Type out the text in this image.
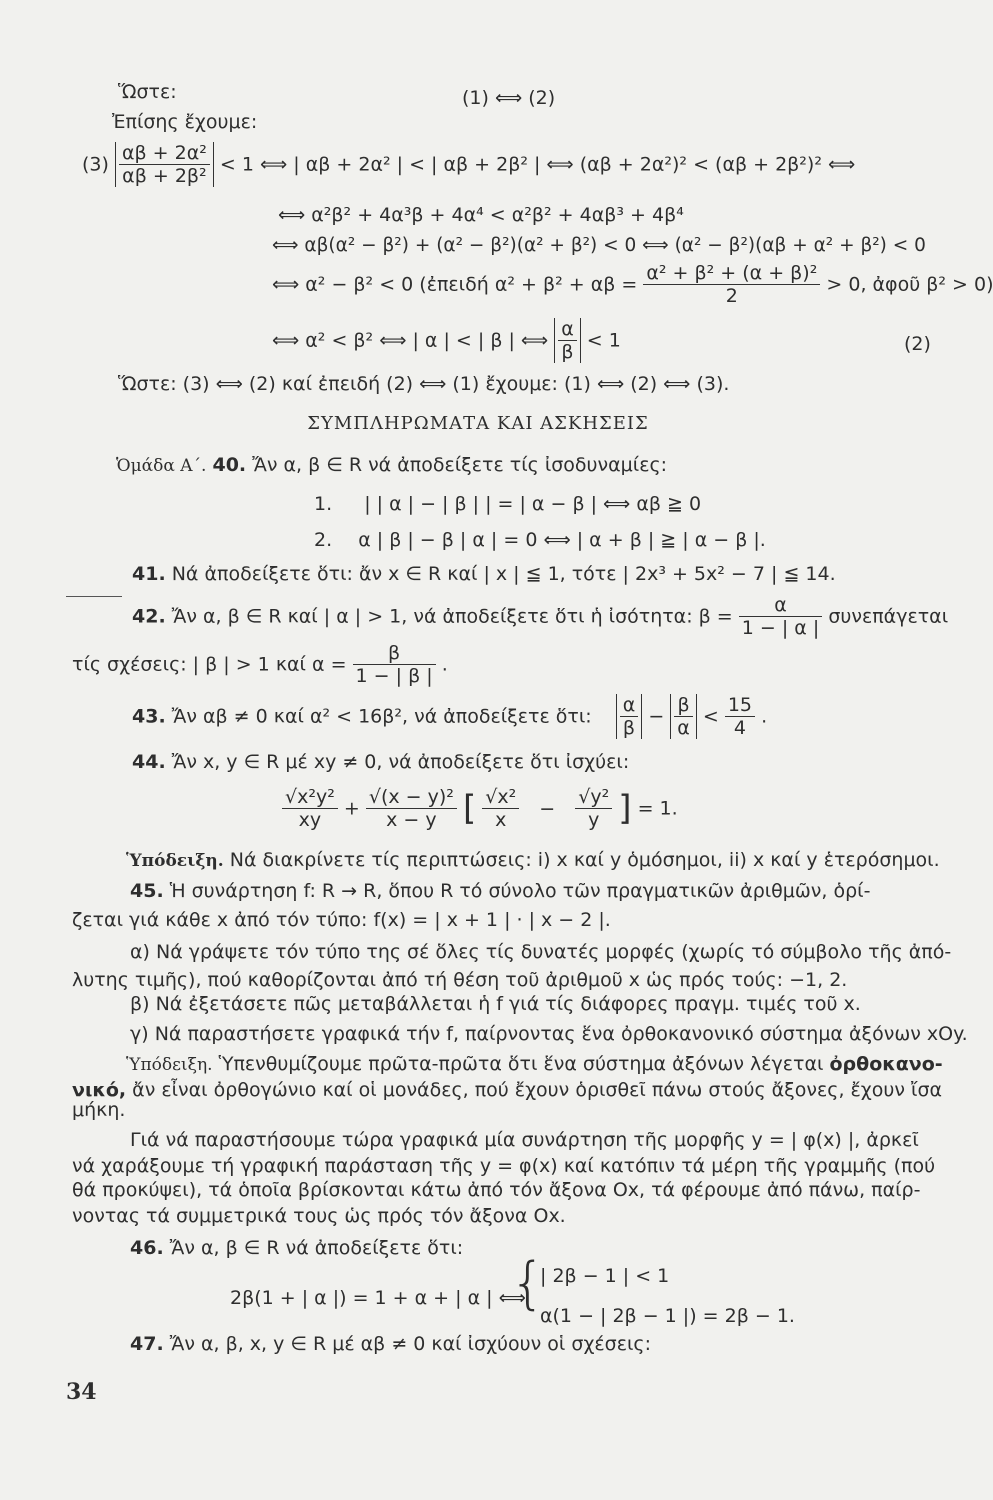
Ὥστε:	(1) ⟺ (2)
Ἐπίσης ἔχουμε:
$(3) \frac{\text{αβ + 2α²}}{\text{αβ + 2β²}} < 1$ ⟺ | αβ + 2α² | < | αβ + 2β² | ⟺ (αβ + 2α²)² < (αβ + 2β²)² ⟺
⟺ α²β² + 4α³β + 4α⁴ < α²β² + 4αβ³ + 4β⁴
⟺ αβ(α² − β²) + (α² − β²)(α² + β²) < 0 ⟺ (α² − β²)(αβ + α² + β²) < 0
⟺ α² − β² < 0 (ἐπειδή $\alpha^2 + \beta^2 + \alpha\beta = \frac{\text{α² + β² + (α + β)²}}{2} > 0$, ἀφοῦ β² > 0)
⟺ α² < β² ⟺ | α | < | β | ⟺ $\frac{\alpha}{\beta} < 1$	(2)
Ὥστε: (3) ⟺ (2) καί ἐπειδή (2) ⟺ (1) ἔχουμε: (1) ⟺ (2) ⟺ (3).
ΣΥΜΠΛΗΡΩΜΑΤΑ ΚΑΙ ΑΣΚΗΣΕΙΣ
Ὁμάδα Α΄. 40. Ἄν α, β ∈ R νά ἀποδείξετε τίς ἰσοδυναμίες:
1. | | α | − | β | | = | α − β | ⟺ αβ ≧ 0
2. α | β | − β | α | = 0 ⟺ | α + β | ≧ | α − β |.
41. Νά ἀποδείξετε ὅτι: ἄν x ∈ R καί | x | ≦ 1, τότε | 2x³ + 5x² − 7 | ≦ 14.
42. Ἄν α, β ∈ R καί | α | > 1, νά ἀποδείξετε ὅτι ἡ ἰσότητα: $\beta = \frac{\alpha}{1 - | \alpha |}$ συνεπάγεται
τίς σχέσεις: | β | > 1 καί $\alpha = \frac{\beta}{1 - | \beta |}$ .
43. Ἄν αβ ≠ 0 καί α² < 16β², νά ἀποδείξετε ὅτι: $\frac{\alpha}{\beta} - \frac{\beta}{\alpha} < \frac{15}{4}$ .
44. Ἄν x, y ∈ R μέ xy ≠ 0, νά ἀποδείξετε ὅτι ἰσχύει:
$\frac{\text{√x²y²}}{xy} + \frac{\text{√(x − y)²}}{x - y}$ [ $\frac{\text{√x²}}{x} - \frac{\text{√y²}}{y}$ ] = 1.
Ὑπόδειξη. Νά διακρίνετε τίς περιπτώσεις: i) x καί y ὁμόσημοι, ii) x καί y ἑτερόσημοι.
45. Ἡ συνάρτηση f: R → R, ὅπου R τό σύνολο τῶν πραγματικῶν ἀριθμῶν, ὁρί-
ζεται γιά κάθε x ἀπό τόν τύπο: f(x) = | x + 1 | · | x − 2 |.
α) Νά γράψετε τόν τύπο της σέ ὅλες τίς δυνατές μορφές (χωρίς τό σύμβολο τῆς ἀπό-
λυτης τιμῆς), πού καθορίζονται ἀπό τή θέση τοῦ ἀριθμοῦ x ὡς πρός τούς: −1, 2.
β) Νά ἐξετάσετε πῶς μεταβάλλεται ἡ f γιά τίς διάφορες πραγμ. τιμές τοῦ x.
γ) Νά παραστήσετε γραφικά τήν f, παίρνοντας ἕνα ὀρθοκανονικό σύστημα ἀξόνων xOy.
Ὑπόδειξη. Ὑπενθυμίζουμε πρῶτα-πρῶτα ὅτι ἕνα σύστημα ἀξόνων λέγεται ὀρθοκανο-
νικό, ἄν εἶναι ὀρθογώνιο καί οἱ μονάδες, πού ἔχουν ὁρισθεῖ πάνω στούς ἄξονες, ἔχουν ἴσα
μήκη.
Γιά νά παραστήσουμε τώρα γραφικά μία συνάρτηση τῆς μορφῆς y = | φ(x) |, ἀρκεῖ
νά χαράξουμε τή γραφική παράσταση τῆς y = φ(x) καί κατόπιν τά μέρη τῆς γραμμῆς (πού
θά προκύψει), τά ὁποῖα βρίσκονται κάτω ἀπό τόν ἄξονα Ox, τά φέρουμε ἀπό πάνω, παίρ-
νοντας τά συμμετρικά τους ὡς πρός τόν ἄξονα Ox.
46. Ἄν α, β ∈ R νά ἀποδείξετε ὅτι:
2β(1 + | α |) = 1 + α + | α | ⟺
{
| 2β − 1 | < 1
α(1 − | 2β − 1 |) = 2β − 1.
47. Ἄν α, β, x, y ∈ R μέ αβ ≠ 0 καί ἰσχύουν οἱ σχέσεις:
34
